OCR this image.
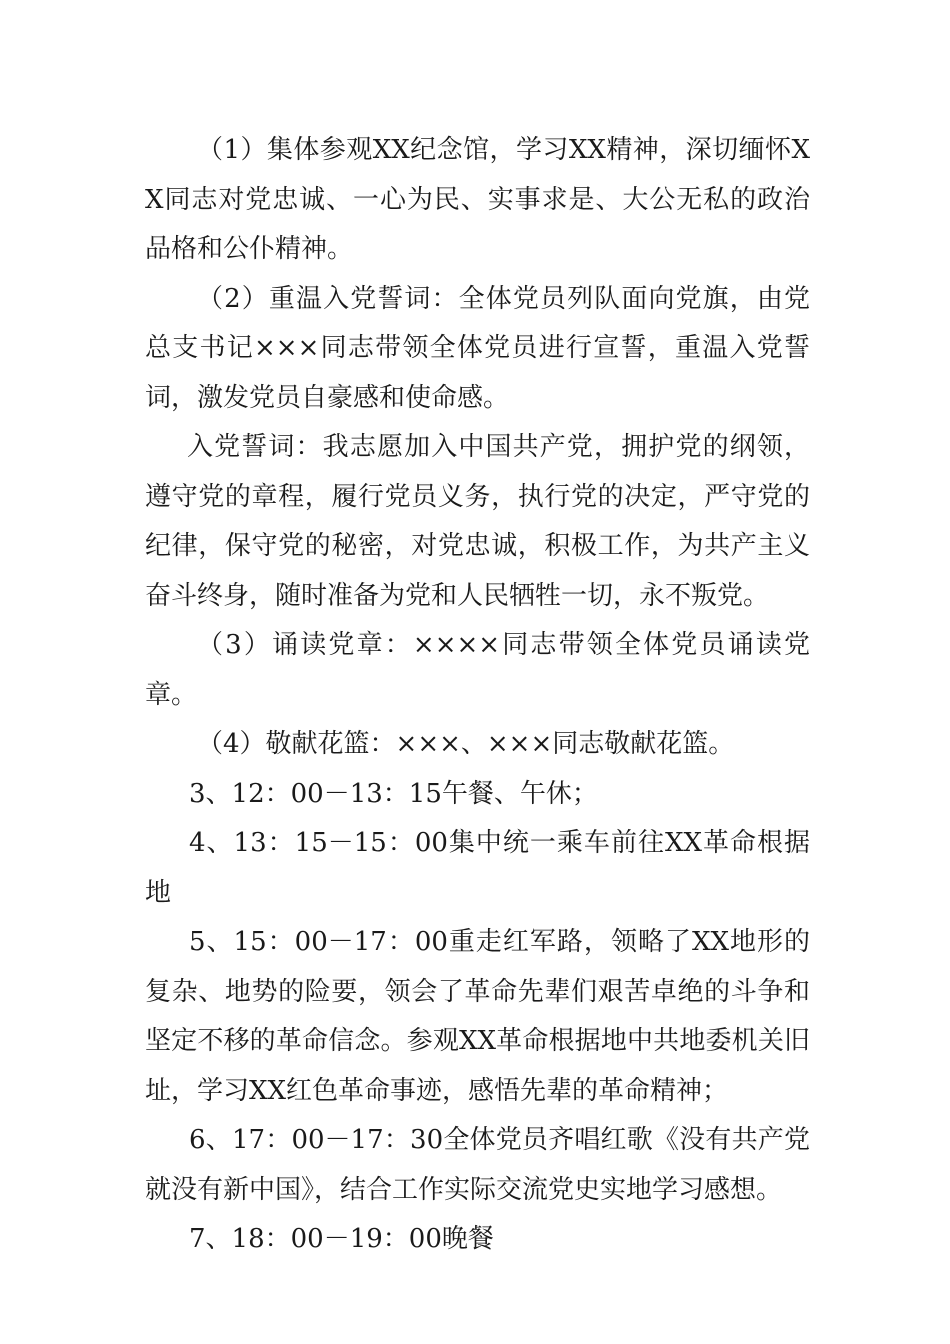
（1）集体参观XX纪念馆，学习XX精神，深切缅怀XX同志对党忠诚、一心为民、实事求是、大公无私的政治品格和公仆精神。

（2）重温入党誓词：全体党员列队面向党旗，由党总支书记×××同志带领全体党员进行宣誓，重温入党誓词，激发党员自豪感和使命感。

入党誓词：我志愿加入中国共产党，拥护党的纲领，遵守党的章程，履行党员义务，执行党的决定，严守党的纪律，保守党的秘密，对党忠诚，积极工作，为共产主义奋斗终身，随时准备为党和人民牺牲一切，永不叛党。

（3）诵读党章：××××同志带领全体党员诵读党章。

（4）敬献花篮：×××、×××同志敬献花篮。

3、12：00－13：15午餐、午休；

4、13：15－15：00集中统一乘车前往XX革命根据地

5、15：00－17：00重走红军路，领略了XX地形的复杂、地势的险要，领会了革命先辈们艰苦卓绝的斗争和坚定不移的革命信念。参观XX革命根据地中共地委机关旧址，学习XX红色革命事迹，感悟先辈的革命精神；

6、17：00－17：30全体党员齐唱红歌《没有共产党就没有新中国》，结合工作实际交流党史实地学习感想。

7、18：00－19：00晚餐
